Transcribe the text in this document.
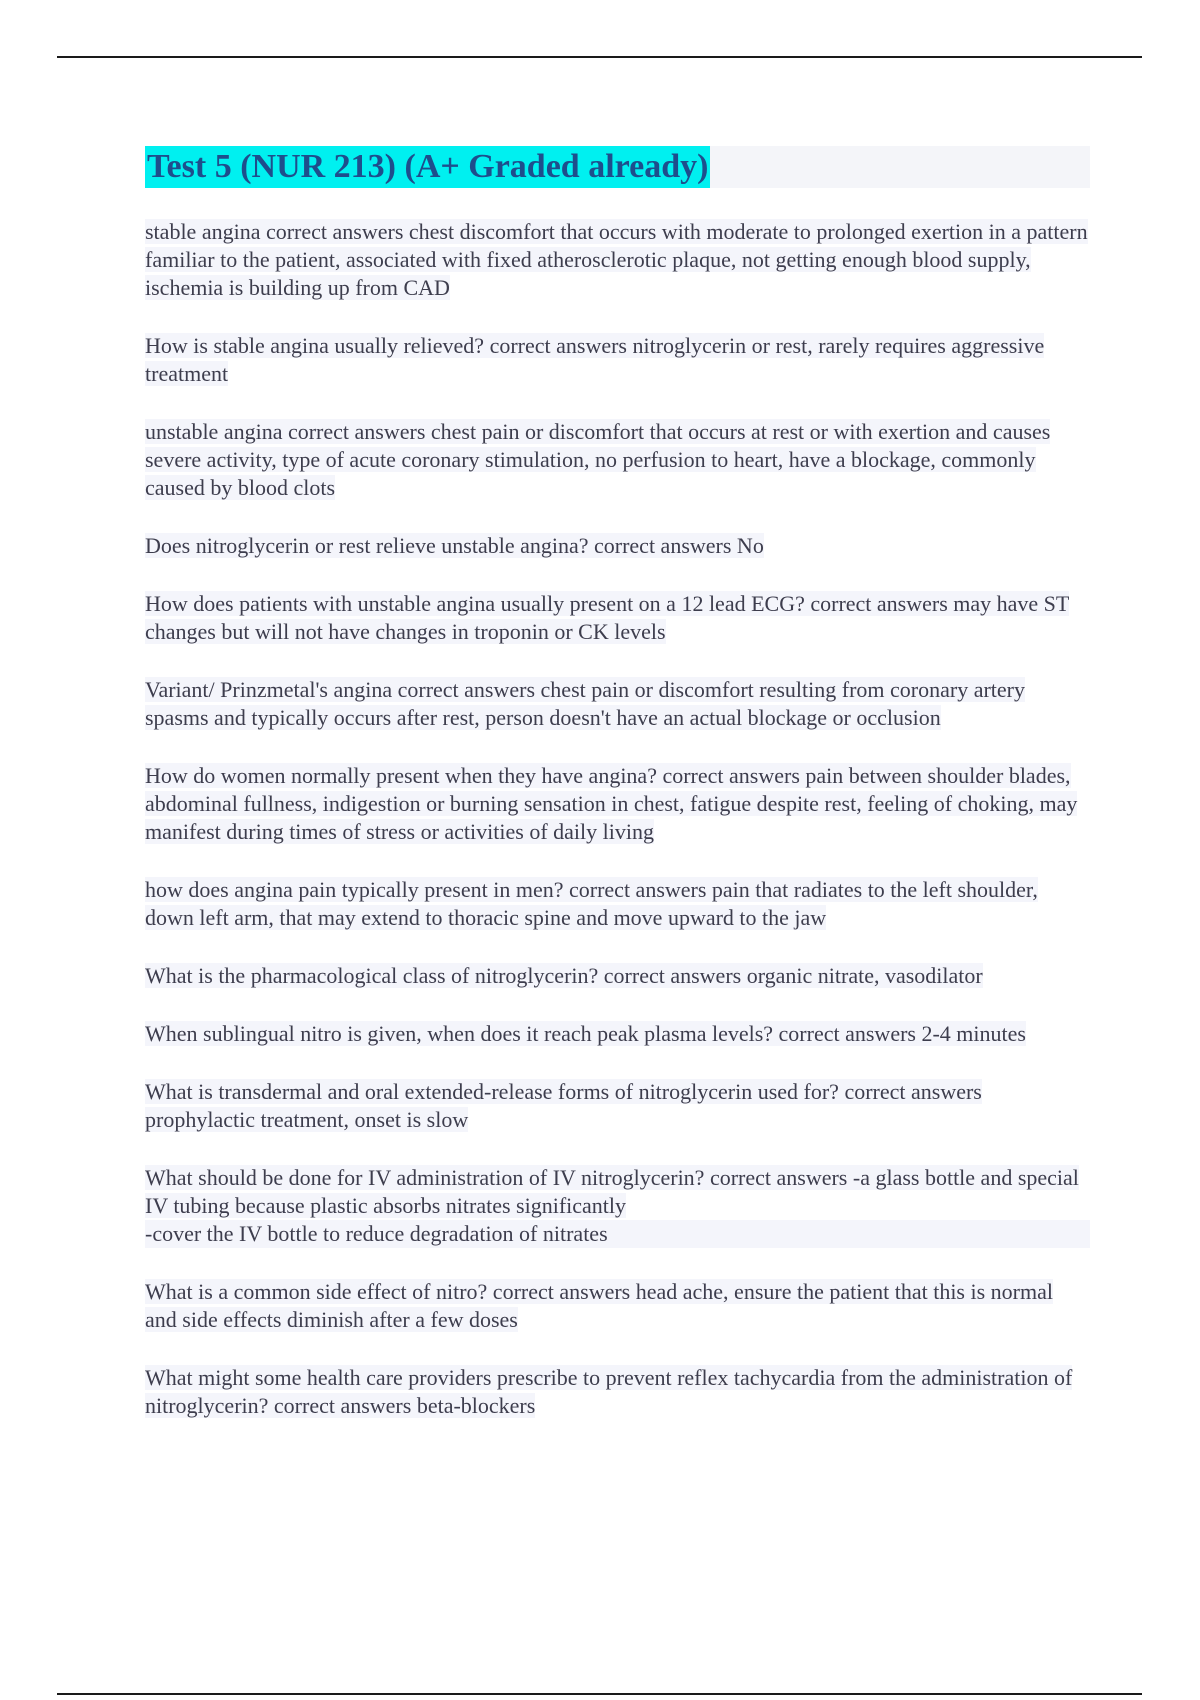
Test 5 (NUR 213) (A+ Graded already)
stable angina correct answers chest discomfort that occurs with moderate to prolonged exertion in a pattern familiar to the patient, associated with fixed atherosclerotic plaque, not getting enough blood supply, ischemia is building up from CAD
How is stable angina usually relieved? correct answers nitroglycerin or rest, rarely requires aggressive treatment
unstable angina correct answers chest pain or discomfort that occurs at rest or with exertion and causes severe activity, type of acute coronary stimulation, no perfusion to heart, have a blockage, commonly caused by blood clots
Does nitroglycerin or rest relieve unstable angina? correct answers No
How does patients with unstable angina usually present on a 12 lead ECG? correct answers may have ST changes but will not have changes in troponin or CK levels
Variant/ Prinzmetal's angina correct answers chest pain or discomfort resulting from coronary artery spasms and typically occurs after rest, person doesn't have an actual blockage or occlusion
How do women normally present when they have angina? correct answers pain between shoulder blades, abdominal fullness, indigestion or burning sensation in chest, fatigue despite rest, feeling of choking, may manifest during times of stress or activities of daily living
how does angina pain typically present in men? correct answers pain that radiates to the left shoulder, down left arm, that may extend to thoracic spine and move upward to the jaw
What is the pharmacological class of nitroglycerin? correct answers organic nitrate, vasodilator
When sublingual nitro is given, when does it reach peak plasma levels? correct answers 2-4 minutes
What is transdermal and oral extended-release forms of nitroglycerin used for? correct answers prophylactic treatment, onset is slow
What should be done for IV administration of IV nitroglycerin? correct answers -a glass bottle and special IV tubing because plastic absorbs nitrates significantly
-cover the IV bottle to reduce degradation of nitrates
What is a common side effect of nitro? correct answers head ache, ensure the patient that this is normal and side effects diminish after a few doses
What might some health care providers prescribe to prevent reflex tachycardia from the administration of nitroglycerin? correct answers beta-blockers
